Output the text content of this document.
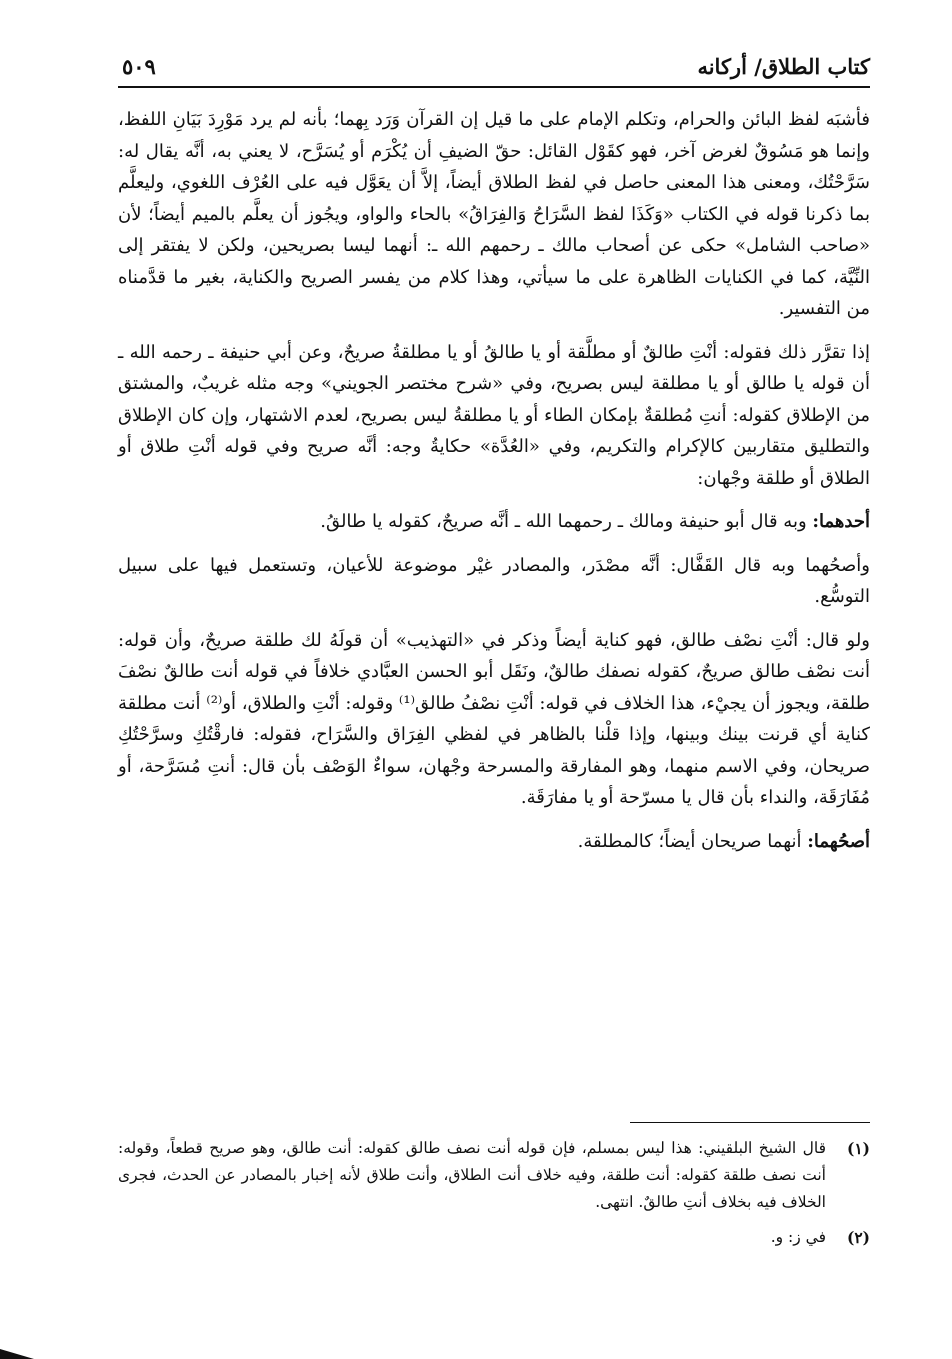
كتاب الطلاق/ أركانه
٥٠٩

فأشبَه لفظ البائن والحرام، وتكلم الإمام على ما قيل إن القرآن وَرَد بِهما؛ بأنه لم يرد مَوْرِدَ بَيَانِ اللفظ، وإنما هو مَسُوقٌ لغرض آخر، فهو كقَوْل القائل: حقّ الضيفِ أن يُكْرَم أو يُسَرَّح، لا يعني به، أنَّه يقال له: سَرَّحْتُك، ومعنى هذا المعنى حاصل في لفظ الطلاق أيضاً، إلاَّ أن يعَوَّل فيه على العُرْف اللغوي، وليعلَّم بما ذكرنا قوله في الكتاب «وَكَذَا لفظ السَّرَاحُ وَالفِرَاقُ» بالحاء والواو، ويجُوز أن يعلَّم بالميم أيضاً؛ لأن «صاحب الشامل» حكى عن أصحاب مالك ـ رحمهم الله ـ: أنهما ليسا بصريحين، ولكن لا يفتقر إلى النِّيَّة، كما في الكنايات الظاهرة على ما سيأتي، وهذا كلام من يفسر الصريح والكناية، بغير ما قدَّمناه من التفسير.

إذا تقرَّر ذلك فقوله: أنْتِ طالقٌ أو مطلَّقة أو يا طالقُ أو يا مطلقةُ صريحٌ، وعن أبي حنيفة ـ رحمه الله ـ أن قوله يا طالق أو يا مطلقة ليس بصريح، وفي «شرح مختصر الجويني» وجه مثله غريبٌ، والمشتق من الإطلاق كقوله: أنتِ مُطلقةٌ بإمكان الطاء أو يا مطلقةُ ليس بصريح، لعدم الاشتهار، وإن كان الإطلاق والتطليق متقاربين كالإكرام والتكريم، وفي «العُدَّة» حكايةُ وجه: أنَّه صريح وفي قوله أنْتِ طلاق أو الطلاق أو طلقة وجْهان:

أحدهما: وبه قال أبو حنيفة ومالك ـ رحمهما الله ـ أنَّه صريحٌ، كقوله يا طالقُ.

وأصحُهما وبه قال القَفَّال: أنَّه مصْدَر، والمصادر غيْر موضوعة للأعيان، وتستعمل فيها على سبيل التوسُّع.

ولو قال: أنْتِ نصْف طالق، فهو كناية أيضاً وذكر في «التهذيب» أن قولَهُ لك طلقة صريحٌ، وأن قوله: أنت نصْف طالق صريحٌ، كقوله نصفك طالقٌ، ونَقَل أبو الحسن العبَّادي خلافاً في قوله أنت طالقٌ نصْفَ طلقة، ويجوز أن يجيْء، هذا الخلاف في قوله: أنْتِ نصْفُ طالق⁽¹⁾ وقوله: أنْتِ والطلاق، أو⁽²⁾ أنت مطلقة كناية أي قرنت بينك وبينها، وإذا قلْنا بالظاهر في لفظي الفِرَاق والسَّرَاح، فقوله: فارقْتُكِ وسرَّحْتُكِ صريحان، وفي الاسم منهما، وهو المفارقة والمسرحة وجْهان، سواءٌ الوَصْف بأن قال: أنتِ مُسَرَّحة، أو مُفَارَقَة، والنداء بأن قال يا مسرّحة أو يا مفارَقَة.

أصحُهما: أنهما صريحان أيضاً؛ كالمطلقة.

(١)
قال الشيخ البلقيني: هذا ليس بمسلم، فإن قوله أنت نصف طالق كقوله: أنت طالق، وهو صريح قطعاً، وقوله: أنت نصف طلقة كقوله: أنت طلقة، وفيه خلاف أنت الطلاق، وأنت طلاق لأنه إخبار بالمصادر عن الحدث، فجرى الخلاف فيه بخلاف أنتِ طالقٌ. انتهى.
(٢)
في ز: و.
